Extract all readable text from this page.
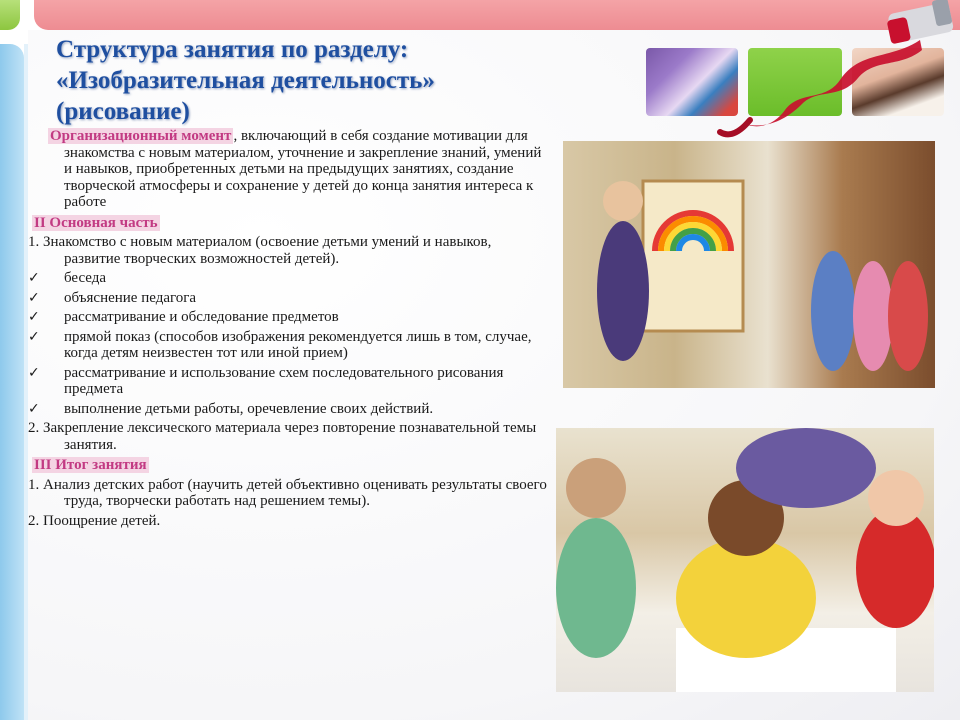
Структура занятия по разделу:
«Изобразительная деятельность»
(рисование)
Организационный момент , включающий в себя создание мотивации для знакомства с новым материалом, уточнение и закрепление знаний, умений и навыков, приобретенных детьми на предыдущих занятиях, создание творческой атмосферы и сохранение у детей до конца занятия интереса к работе
II Основная часть
1. Знакомство с новым материалом (освоение детьми умений и навыков, развитие творческих возможностей детей).
✓ беседа
✓ объяснение педагога
✓ рассматривание и обследование предметов
✓ прямой показ (способов изображения рекомендуется лишь в том, случае, когда детям неизвестен тот или иной прием)
✓ рассматривание и использование схем последовательного рисования предмета
✓ выполнение детьми работы, оречевление своих действий.
2. Закрепление лексического материала через повторение познавательной темы занятия.
III Итог занятия
1. Анализ детских работ (научить детей объективно оценивать результаты своего труда, творчески работать над решением темы).
2. Поощрение детей.
